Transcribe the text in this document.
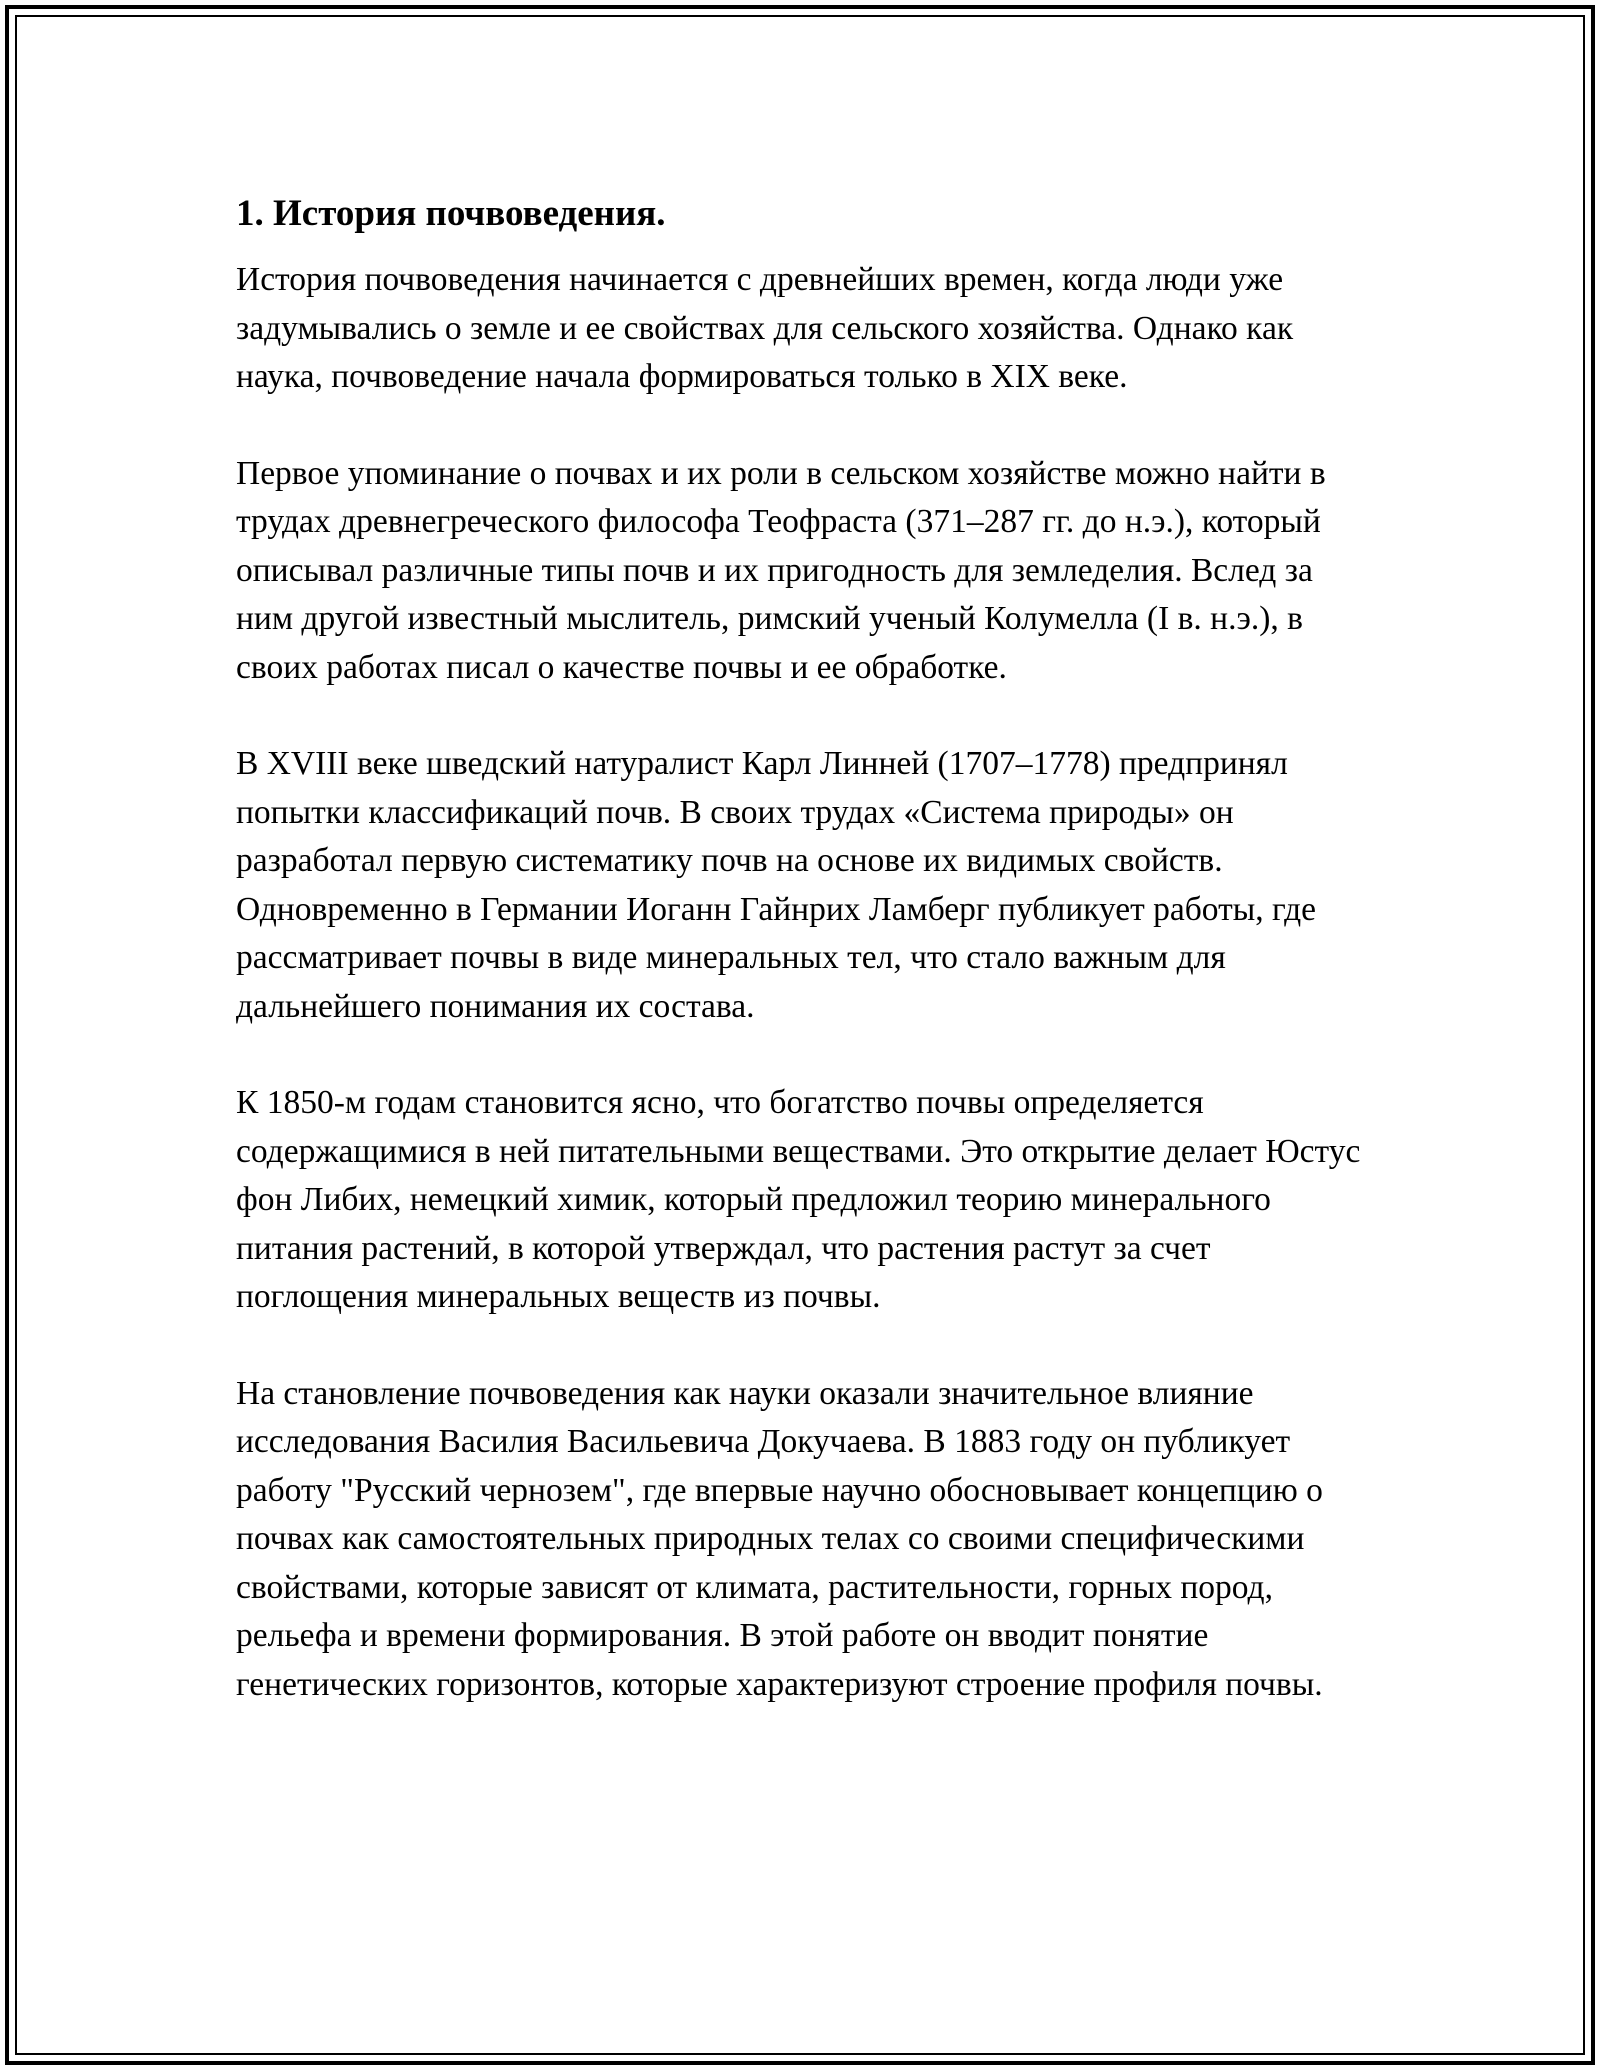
1. История почвоведения.

История почвоведения начинается с древнейших времен, когда люди уже задумывались о земле и ее свойствах для сельского хозяйства. Однако как наука, почвоведение начала формироваться только в XIX веке.

Первое упоминание о почвах и их роли в сельском хозяйстве можно найти в трудах древнегреческого философа Теофраста (371–287 гг. до н.э.), который описывал различные типы почв и их пригодность для земледелия. Вслед за ним другой известный мыслитель, римский ученый Колумелла (I в. н.э.), в своих работах писал о качестве почвы и ее обработке.

В XVIII веке шведский натуралист Карл Линней (1707–1778) предпринял попытки классификаций почв. В своих трудах «Система природы» он разработал первую систематику почв на основе их видимых свойств. Одновременно в Германии Иоганн Гайнрих Ламберг публикует работы, где рассматривает почвы в виде минеральных тел, что стало важным для дальнейшего понимания их состава.

К 1850-м годам становится ясно, что богатство почвы определяется содержащимися в ней питательными веществами. Это открытие делает Юстус фон Либих, немецкий химик, который предложил теорию минерального питания растений, в которой утверждал, что растения растут за счет поглощения минеральных веществ из почвы.

На становление почвоведения как науки оказали значительное влияние исследования Василия Васильевича Докучаева. В 1883 году он публикует работу "Русский чернозем", где впервые научно обосновывает концепцию о почвах как самостоятельных природных телах со своими специфическими свойствами, которые зависят от климата, растительности, горных пород, рельефа и времени формирования. В этой работе он вводит понятие генетических горизонтов, которые характеризуют строение профиля почвы.
